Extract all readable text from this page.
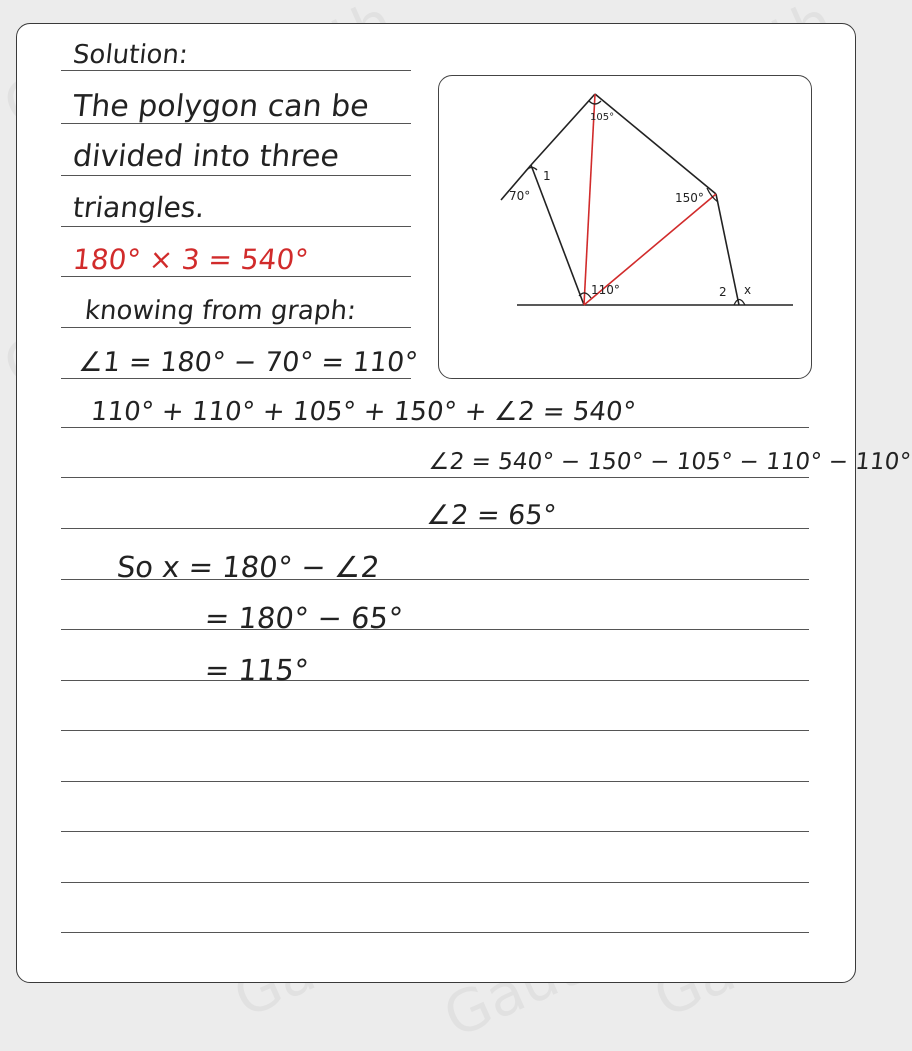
Solution:
The polygon can be
divided into three
triangles.
180° × 3 = 540°
knowing from graph:
∠1 = 180° − 70° = 110°
110° + 110° + 105° + 150° + ∠2 = 540°
∠2 = 540° − 150° − 105° − 110° − 110°
∠2 = 65°
So x = 180° − ∠2
= 180° − 65°
= 115°
105°
1
70°	150°
110°	2 x
